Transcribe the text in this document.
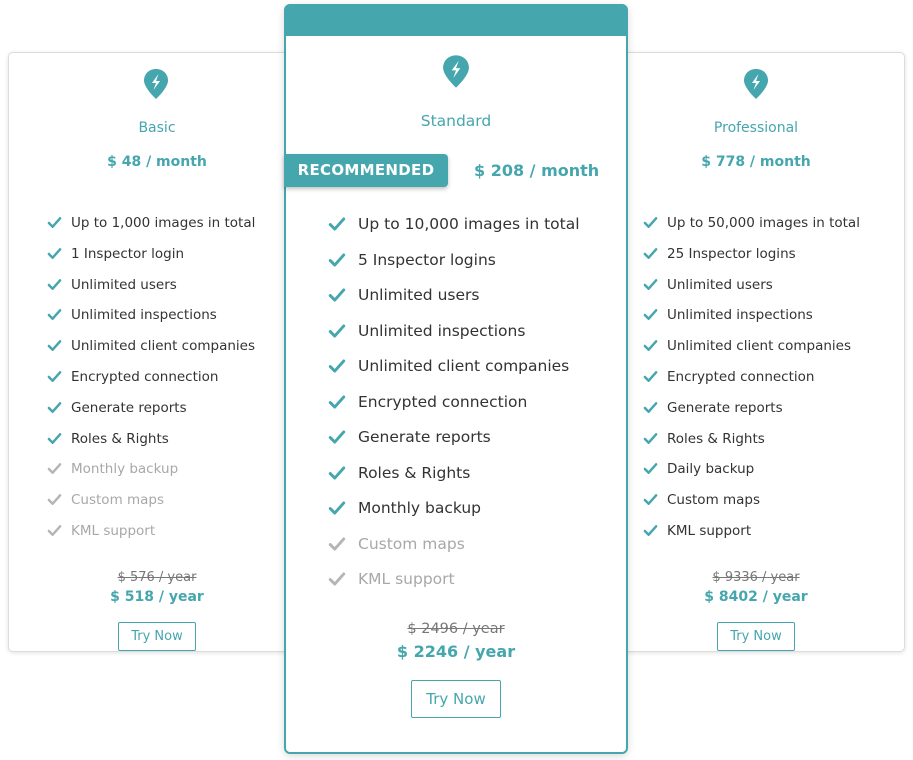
Basic
$ 48 / month
Up to 1,000 images in total
1 Inspector login
Unlimited users
Unlimited inspections
Unlimited client companies
Encrypted connection
Generate reports
Roles & Rights
Monthly backup
Custom maps
KML support
$ 576 / year
$ 518 / year
Try Now
Professional
$ 778 / month
Up to 50,000 images in total
25 Inspector logins
Unlimited users
Unlimited inspections
Unlimited client companies
Encrypted connection
Generate reports
Roles & Rights
Daily backup
Custom maps
KML support
$ 9336 / year
$ 8402 / year
Try Now
Standard
RECOMMENDED	$ 208 / month
Up to 10,000 images in total
5 Inspector logins
Unlimited users
Unlimited inspections
Unlimited client companies
Encrypted connection
Generate reports
Roles & Rights
Monthly backup
Custom maps
KML support
$ 2496 / year
$ 2246 / year
Try Now
